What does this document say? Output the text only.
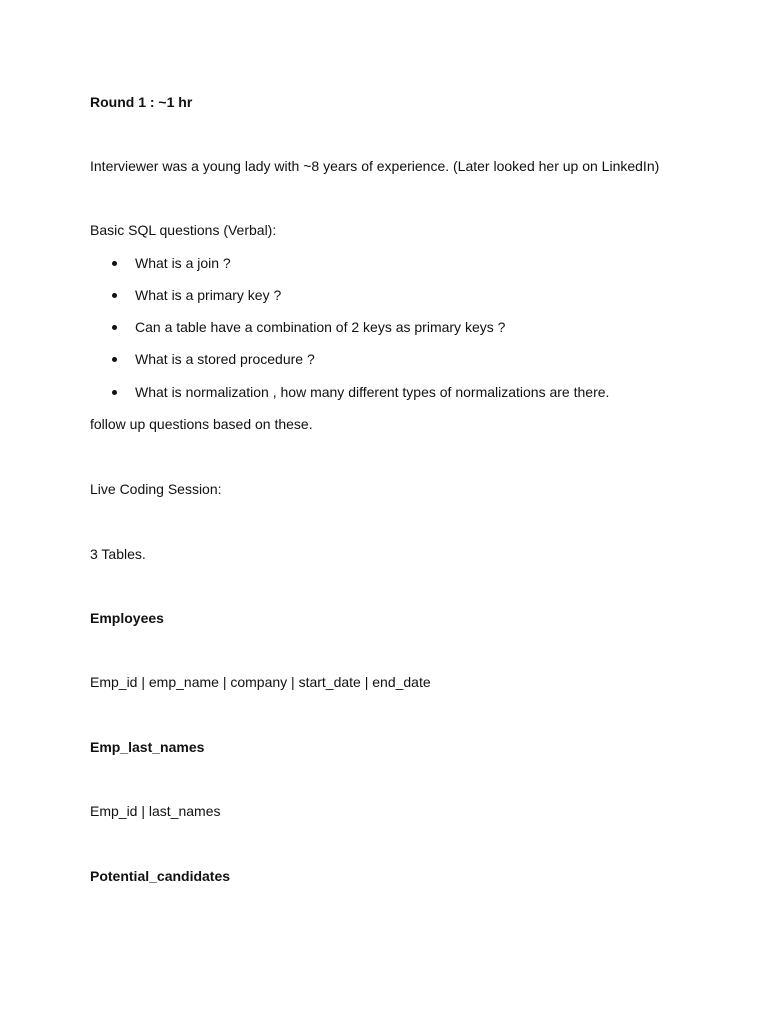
Round 1 : ~1 hr

Interviewer was a young lady with ~8 years of experience. (Later looked her up on LinkedIn)

Basic SQL questions (Verbal):

What is a join ?
What is a primary key ?
Can a table have a combination of 2 keys as primary keys ?
What is a stored procedure ?
What is normalization , how many different types of normalizations are there.

follow up questions based on these.

Live Coding Session:

3 Tables.

Employees

Emp_id | emp_name | company | start_date | end_date

Emp_last_names

Emp_id | last_names

Potential_candidates
